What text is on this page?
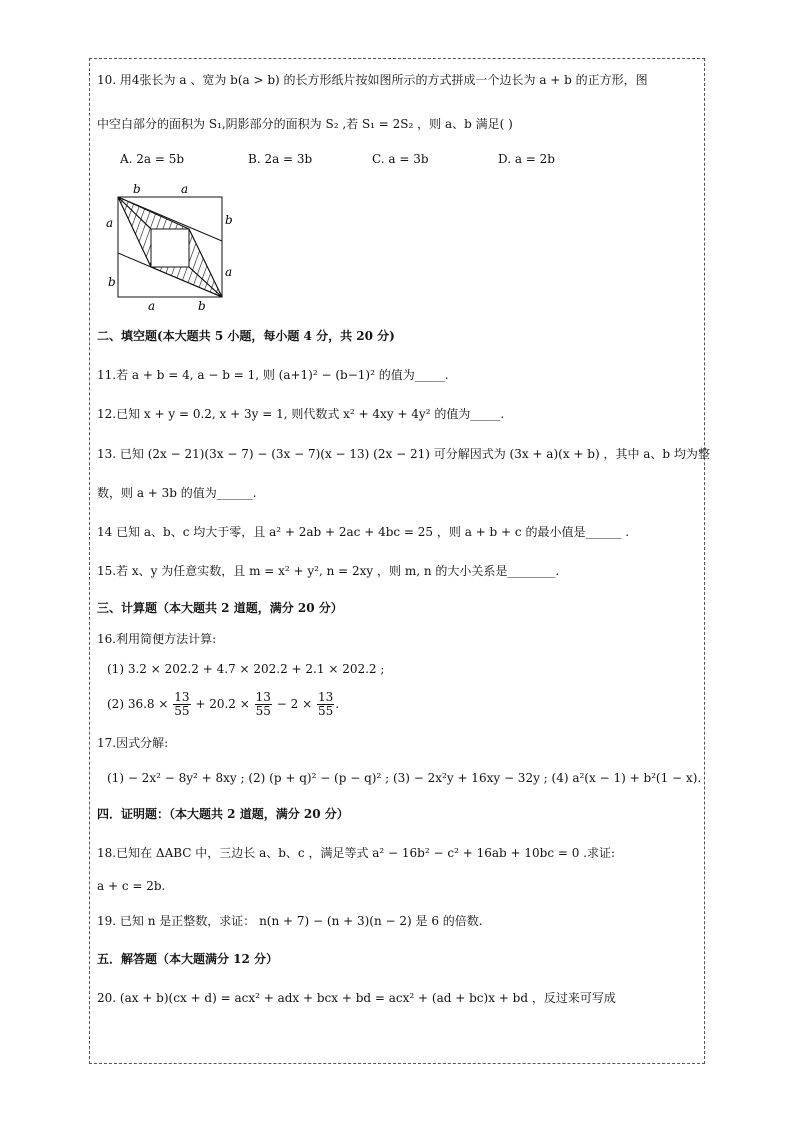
10. 用4张长为 a 、宽为 b(a > b) 的长方形纸片按如图所示的方式拼成一个边长为 a + b 的正方形，图
中空白部分的面积为 S₁,阴影部分的面积为 S₂ ,若 S₁ = 2S₂ ，则 a、b 满足( )
A. 2a = 5b	B. 2a = 3b	C. a = 3b	D. a = 2b
b	a
a
b
b
a
a	b
二、填空题(本大题共 5 小题，每小题 4 分，共 20 分)
11.若 a + b = 4, a − b = 1, 则 (a+1)² − (b−1)² 的值为_____.
12.已知 x + y = 0.2, x + 3y = 1, 则代数式 x² + 4xy + 4y² 的值为_____.
13. 已知 (2x − 21)(3x − 7) − (3x − 7)(x − 13) (2x − 21) 可分解因式为 (3x + a)(x + b) ，其中 a、b 均为整
数，则 a + 3b 的值为______.
14 已知 a、b、c 均大于零，且 a² + 2ab + 2ac + 4bc = 25 ，则 a + b + c 的最小值是______ .
15.若 x、y 为任意实数，且 m = x² + y², n = 2xy ，则 m, n 的大小关系是________.
三、计算题（本大题共 2 道题，满分 20 分）
16.利用简便方法计算:
(1) 3.2 × 202.2 + 4.7 × 202.2 + 2.1 × 202.2 ;
(2) $36.8 \times \frac{13}{55} + 20.2 \times \frac{13}{55} - 2 \times \frac{13}{55}$ .
17.因式分解:
(1) − 2x² − 8y² + 8xy ; (2) (p + q)² − (p − q)² ; (3) − 2x²y + 16xy − 32y ; (4) a²(x − 1) + b²(1 − x).
四．证明题：（本大题共 2 道题，满分 20 分）
18.已知在 ΔABC 中，三边长 a、b、c ，满足等式 a² − 16b² − c² + 16ab + 10bc = 0 .求证:
a + c = 2b.
19. 已知 n 是正整数，求证： n(n + 7) − (n + 3)(n − 2) 是 6 的倍数.
五．解答题（本大题满分 12 分）
20. (ax + b)(cx + d) = acx² + adx + bcx + bd = acx² + (ad + bc)x + bd ，反过来可写成
